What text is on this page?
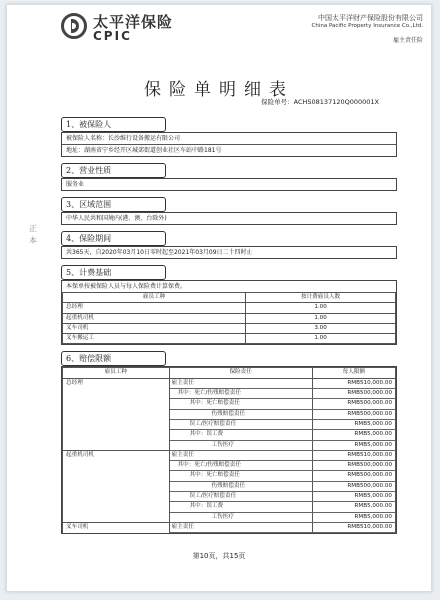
正本
太平洋保险
CPIC
中国太平洋财产保险股份有限公司
China Pacific Property Insurance Co.,Ltd.
雇主责任险
保险单明细表
保险单号：ACHS08137120Q000001X
1、被保险人
被保险人名称：长沙维行设备搬运有限公司
地址：湖南省宁乡经开区城郊街道创业社区车站中路181号
2、营业性质
服务业
3、区域范围
中华人民共和国境内(港、澳、台除外)
4、保险期间
共365天，自2020年03月10日零时起至2021年03月09日二十四时止
5、计费基础
本保单按被保险人员与每人保险费计算保费。
雇员工种	按计费雇员人数
总经理	1.00
起重机司机	1.00
叉车司机	3.00
叉车搬运工	1.00
6、赔偿限额
雇员工种	保险责任	每人限额
总经理	雇主责任	RMB510,000.00
	其中：死亡/伤残赔偿责任	RMB500,000.00
	其中：死亡赔偿责任	RMB500,000.00
	伤残赔偿责任	RMB500,000.00
	误工/医疗赔偿责任	RMB5,000.00
	其中：误工费	RMB5,000.00
	工伤医疗	RMB5,000.00
起重机司机	雇主责任	RMB510,000.00
	其中：死亡/伤残赔偿责任	RMB500,000.00
	其中：死亡赔偿责任	RMB500,000.00
	伤残赔偿责任	RMB500,000.00
	误工/医疗赔偿责任	RMB5,000.00
	其中：误工费	RMB5,000.00
	工伤医疗	RMB5,000.00
叉车司机	雇主责任	RMB510,000.00
第10页，共15页
